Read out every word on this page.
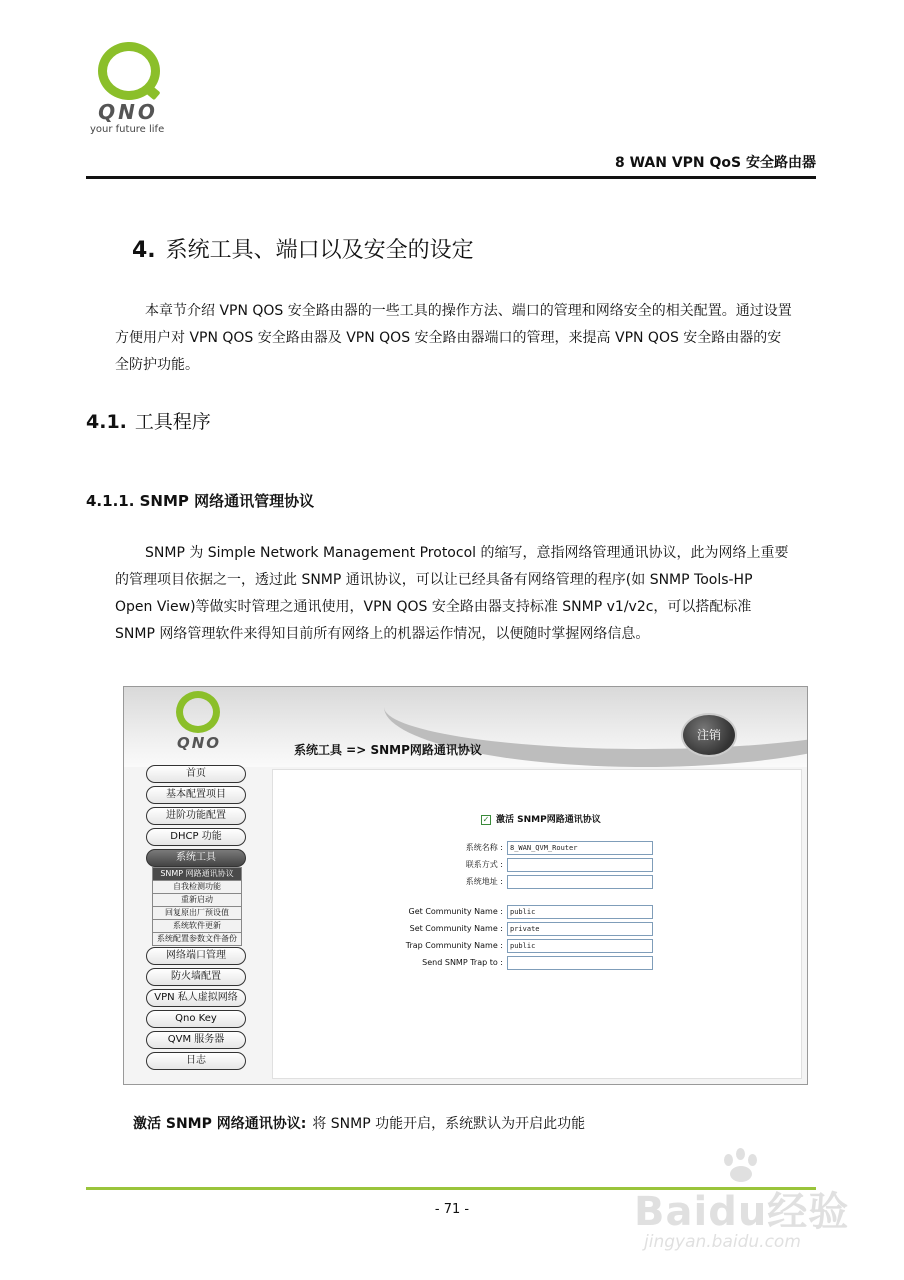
QNO
your future life
8 WAN VPN QoS 安全路由器
4. 系统工具、端口以及安全的设定
本章节介绍 VPN QOS 安全路由器的一些工具的操作方法、端口的管理和网络安全的相关配置。通过设置方便用户对 VPN QOS 安全路由器及 VPN QOS 安全路由器端口的管理，来提高 VPN QOS 安全路由器的安全防护功能。
4.1. 工具程序
4.1.1. SNMP 网络通讯管理协议
SNMP 为 Simple Network Management Protocol 的缩写，意指网络管理通讯协议，此为网络上重要的管理项目依据之一，透过此 SNMP 通讯协议，可以让已经具备有网络管理的程序(如 SNMP Tools-HP Open View)等做实时管理之通讯使用，VPN QOS 安全路由器支持标准 SNMP v1/v2c，可以搭配标准 SNMP 网络管理软件来得知目前所有网络上的机器运作情况，以便随时掌握网络信息。
QNO	注销
系统工具 => SNMP网路通讯协议
首页
基本配置项目
进阶功能配置
DHCP 功能
系统工具
SNMP 网路通讯协议
自我检测功能
重新启动
回复原出厂预设值
系统软件更新
系统配置参数文件备份
网络端口管理
防火墙配置
VPN 私人虚拟网络
Qno Key
QVM 服务器
日志
✓ 激活 SNMP网路通讯协议
系统名称 :	8_WAN_QVM_Router
联系方式 :
系统地址 :
Get Community Name :	public
Set Community Name :	private
Trap Community Name :	public
Send SNMP Trap to :
激活 SNMP 网络通讯协议: 将 SNMP 功能开启，系统默认为开启此功能
- 71 -	Baidu经验
jingyan.baidu.com
